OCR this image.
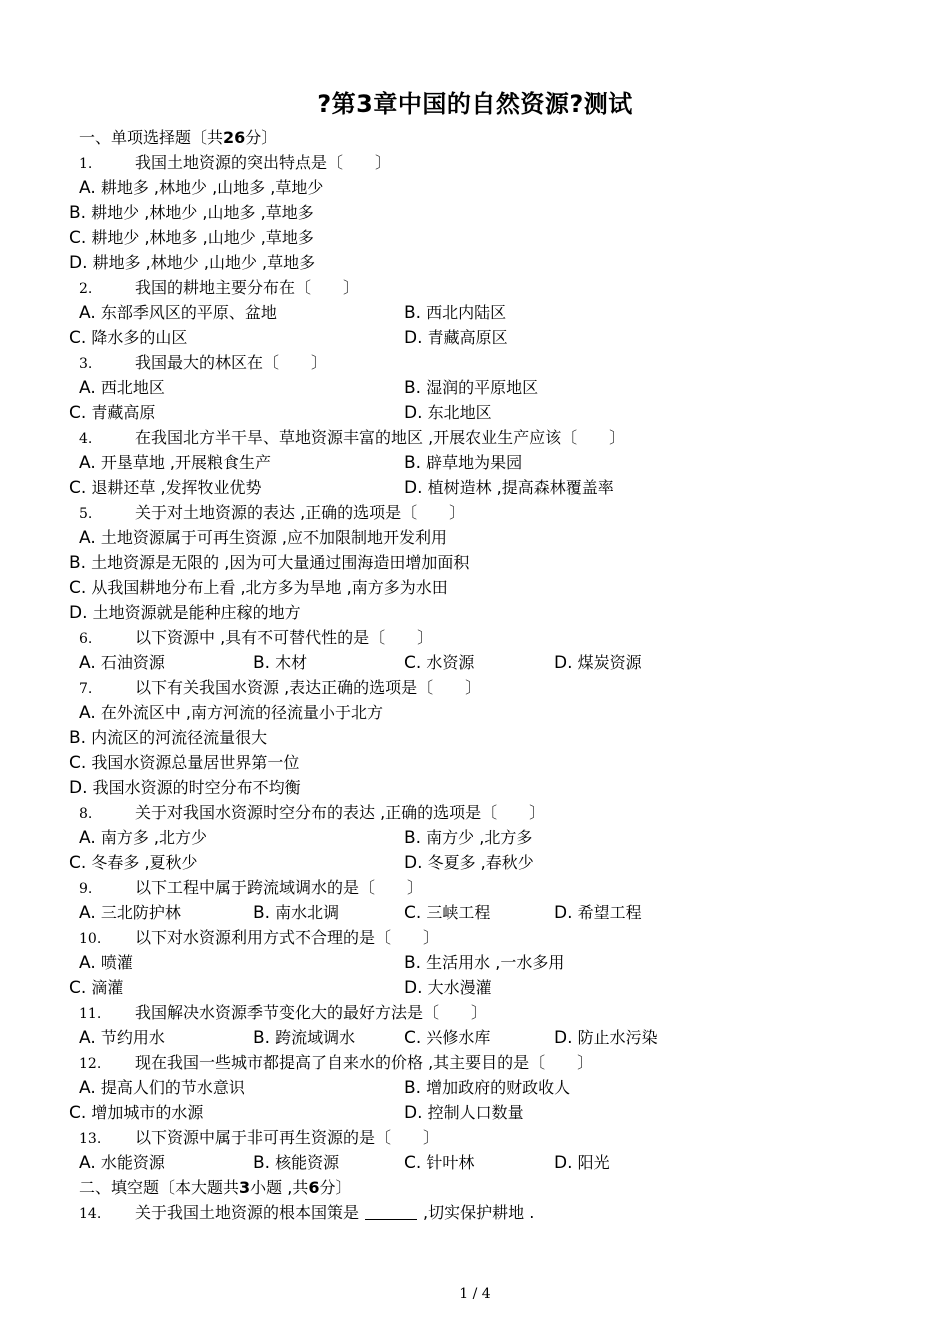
?第3章中国的自然资源?测试
一、单项选择题〔共26分〕
1.	我国土地资源的突出特点是〔　　〕
A. 耕地多 ,林地少 ,山地多 ,草地少
B. 耕地少 ,林地少 ,山地多 ,草地多
C. 耕地少 ,林地多 ,山地少 ,草地多
D. 耕地多 ,林地少 ,山地少 ,草地多
2.	我国的耕地主要分布在〔　　〕
A. 东部季风区的平原、盆地	B. 西北内陆区
C. 降水多的山区	D. 青藏高原区
3.	我国最大的林区在〔　　〕
A. 西北地区	B. 湿润的平原地区
C. 青藏高原	D. 东北地区
4.	在我国北方半干旱、草地资源丰富的地区 ,开展农业生产应该〔　　〕
A. 开垦草地 ,开展粮食生产	B. 辟草地为果园
C. 退耕还草 ,发挥牧业优势	D. 植树造林 ,提高森林覆盖率
5.	关于对土地资源的表达 ,正确的选项是〔　　〕
A. 土地资源属于可再生资源 ,应不加限制地开发利用
B. 土地资源是无限的 ,因为可大量通过围海造田增加面积
C. 从我国耕地分布上看 ,北方多为旱地 ,南方多为水田
D. 土地资源就是能种庄稼的地方
6.	以下资源中 ,具有不可替代性的是〔　　〕
A. 石油资源	B. 木材	C. 水资源	D. 煤炭资源
7.	以下有关我国水资源 ,表达正确的选项是〔　　〕
A. 在外流区中 ,南方河流的径流量小于北方
B. 内流区的河流径流量很大
C. 我国水资源总量居世界第一位
D. 我国水资源的时空分布不均衡
8.	关于对我国水资源时空分布的表达 ,正确的选项是〔　　〕
A. 南方多 ,北方少	B. 南方少 ,北方多
C. 冬春多 ,夏秋少	D. 冬夏多 ,春秋少
9.	以下工程中属于跨流域调水的是〔　　〕
A. 三北防护林	B. 南水北调	C. 三峡工程	D. 希望工程
10. 以下对水资源利用方式不合理的是〔　　〕
A. 喷灌	B. 生活用水 ,一水多用
C. 滴灌	D. 大水漫灌
11. 我国解决水资源季节变化大的最好方法是〔　　〕
A. 节约用水	B. 跨流域调水	C. 兴修水库	D. 防止水污染
12. 现在我国一些城市都提高了自来水的价格 ,其主要目的是〔　　〕
A. 提高人们的节水意识	B. 增加政府的财政收人
C. 增加城市的水源	D. 控制人口数量
13. 以下资源中属于非可再生资源的是〔　　〕
A. 水能资源	B. 核能资源	C. 针叶林	D. 阳光
二、填空题〔本大题共3小题 ,共6分〕
14. 关于我国土地资源的根本国策是	,切实保护耕地 .
1 / 4
